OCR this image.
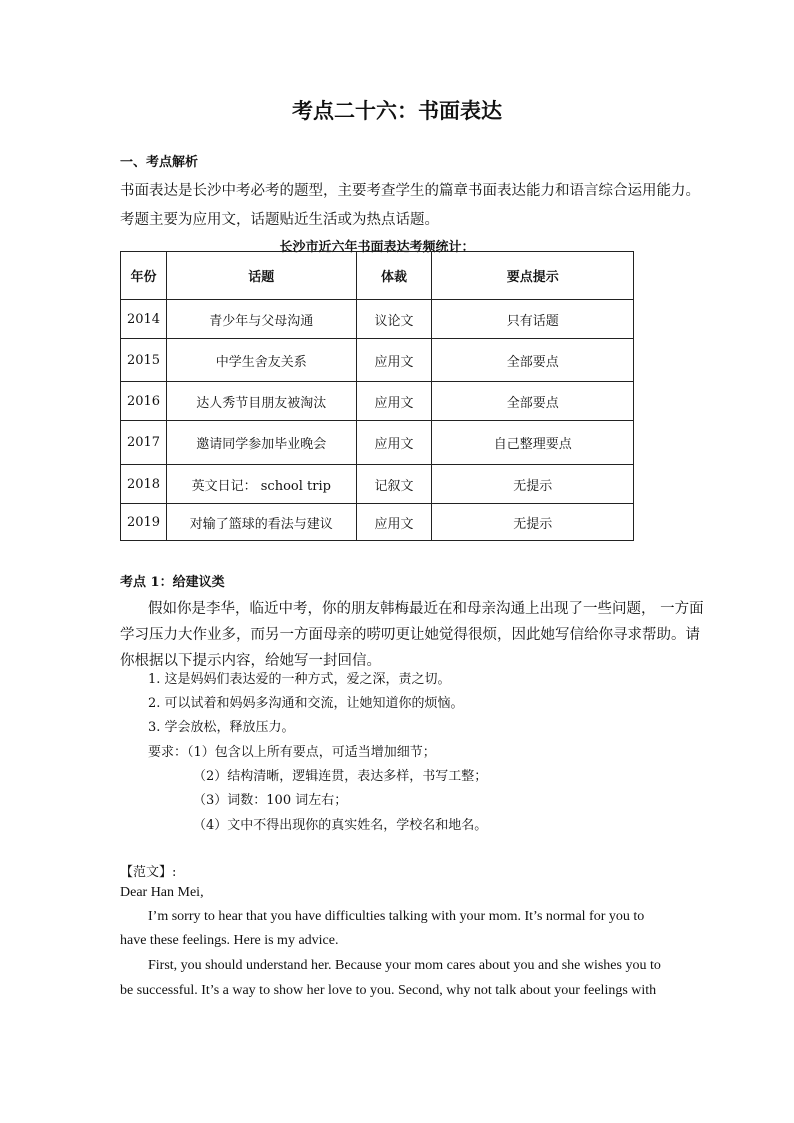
考点二十六：书面表达
一、考点解析
书面表达是长沙中考必考的题型，主要考查学生的篇章书面表达能力和语言综合运用能力。
考题主要为应用文，话题贴近生活或为热点话题。
长沙市近六年书面表达考频统计：
年份	话题	体裁	要点提示
2014	青少年与父母沟通	议论文	只有话题
2015	中学生舍友关系	应用文	全部要点
2016	达人秀节目朋友被淘汰	应用文	全部要点
2017	邀请同学参加毕业晚会	应用文	自己整理要点
2018	英文日记： school trip	记叙文	无提示
2019	对输了篮球的看法与建议	应用文	无提示
考点 1：给建议类
假如你是李华，临近中考，你的朋友韩梅最近在和母亲沟通上出现了一些问题， 一方面
学习压力大作业多，而另一方面母亲的唠叨更让她觉得很烦，因此她写信给你寻求帮助。请
你根据以下提示内容，给她写一封回信。
1. 这是妈妈们表达爱的一种方式，爱之深，责之切。
2. 可以试着和妈妈多沟通和交流，让她知道你的烦恼。
3. 学会放松，释放压力。
要求：（1）包含以上所有要点，可适当增加细节；
（2）结构清晰，逻辑连贯，表达多样，书写工整；
（3）词数：100 词左右；
（4）文中不得出现你的真实姓名，学校名和地名。
【范文】:
Dear Han Mei,
I’m sorry to hear that you have difficulties talking with your mom. It’s normal for you to
have these feelings. Here is my advice.
First, you should understand her. Because your mom cares about you and she wishes you to
be successful. It’s a way to show her love to you. Second, why not talk about your feelings with
